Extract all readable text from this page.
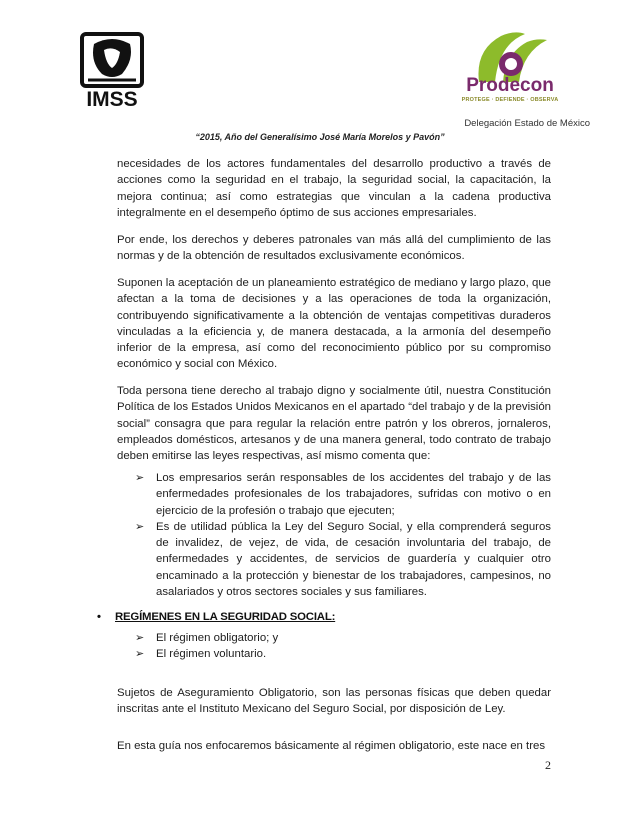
IMSS
Prodecon
PROTEGE · DEFIENDE · OBSERVA
Delegación Estado de México
“2015, Año del Generalísimo José María Morelos y Pavón”

necesidades de los actores fundamentales del desarrollo productivo a través de acciones como la seguridad en el trabajo, la seguridad social, la capacitación, la mejora continua; así como estrategias que vinculan a la cadena productiva integralmente en el desempeño óptimo de sus acciones empresariales.

Por ende, los derechos y deberes patronales van más allá del cumplimiento de las normas y de la obtención de resultados exclusivamente económicos.

Suponen la aceptación de un planeamiento estratégico de mediano y largo plazo, que afectan a la toma de decisiones y a las operaciones de toda la organización, contribuyendo significativamente a la obtención de ventajas competitivas duraderos vinculadas a la eficiencia y, de manera destacada, a la armonía del desempeño inferior de la empresa, así como del reconocimiento público por su compromiso económico y social con México.

Toda persona tiene derecho al trabajo digno y socialmente útil, nuestra Constitución Política de los Estados Unidos Mexicanos en el apartado “del trabajo y de la previsión social” consagra que para regular la relación entre patrón y los obreros, jornaleros, empleados domésticos, artesanos y de una manera general, todo contrato de trabajo deben emitirse las leyes respectivas, así mismo comenta que:

➢ Los empresarios serán responsables de los accidentes del trabajo y de las enfermedades profesionales de los trabajadores, sufridas con motivo o en ejercicio de la profesión o trabajo que ejecuten;
➢ Es de utilidad pública la Ley del Seguro Social, y ella comprenderá seguros de invalidez, de vejez, de vida, de cesación involuntaria del trabajo, de enfermedades y accidentes, de servicios de guardería y cualquier otro encaminado a la protección y bienestar de los trabajadores, campesinos, no asalariados y otros sectores sociales y sus familiares.
• REGÍMENES EN LA SEGURIDAD SOCIAL:
➢ El régimen obligatorio; y
➢ El régimen voluntario.

Sujetos de Aseguramiento Obligatorio, son las personas físicas que deben quedar inscritas ante el Instituto Mexicano del Seguro Social, por disposición de Ley.

En esta guía nos enfocaremos básicamente al régimen obligatorio, este nace en tres

2
